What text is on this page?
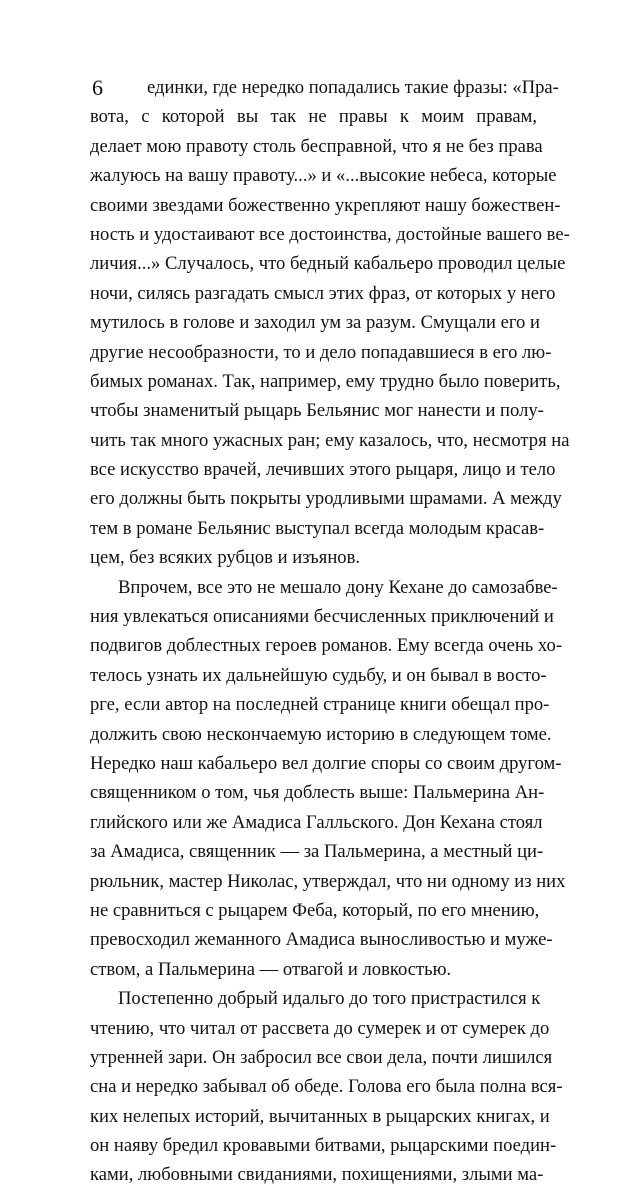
6	единки, где нередко попадались такие фразы: «Пра-
вота, с которой вы так не правы к моим правам,
делает мою правоту столь бесправной, что я не без права
жалуюсь на вашу правоту...» и «...высокие небеса, которые
своими звездами божественно укрепляют нашу божествен-
ность и удостаивают все достоинства, достойные вашего ве-
личия...» Случалось, что бедный кабальеро проводил целые
ночи, силясь разгадать смысл этих фраз, от которых у него
мутилось в голове и заходил ум за разум. Смущали его и
другие несообразности, то и дело попадавшиеся в его лю-
бимых романах. Так, например, ему трудно было поверить,
чтобы знаменитый рыцарь Бельянис мог нанести и полу-
чить так много ужасных ран; ему казалось, что, несмотря на
все искусство врачей, лечивших этого рыцаря, лицо и тело
его должны быть покрыты уродливыми шрамами. А между
тем в романе Бельянис выступал всегда молодым красав-
цем, без всяких рубцов и изъянов.
Впрочем, все это не мешало дону Кехане до самозабве-
ния увлекаться описаниями бесчисленных приключений и
подвигов доблестных героев романов. Ему всегда очень хо-
телось узнать их дальнейшую судьбу, и он бывал в восто-
рге, если автор на последней странице книги обещал про-
должить свою нескончаемую историю в следующем томе.
Нередко наш кабальеро вел долгие споры со своим другом-
священником о том, чья доблесть выше: Пальмерина Ан-
глийского или же Амадиса Галльского. Дон Кехана стоял
за Амадиса, священник — за Пальмерина, а местный ци-
рюльник, мастер Николас, утверждал, что ни одному из них
не сравниться с рыцарем Феба, который, по его мнению,
превосходил жеманного Амадиса выносливостью и муже-
ством, а Пальмерина — отвагой и ловкостью.
Постепенно добрый идальго до того пристрастился к
чтению, что читал от рассвета до сумерек и от сумерек до
утренней зари. Он забросил все свои дела, почти лишился
сна и нередко забывал об обеде. Голова его была полна вся-
ких нелепых историй, вычитанных в рыцарских книгах, и
он наяву бредил кровавыми битвами, рыцарскими поедин-
ками, любовными свиданиями, похищениями, злыми ма-
